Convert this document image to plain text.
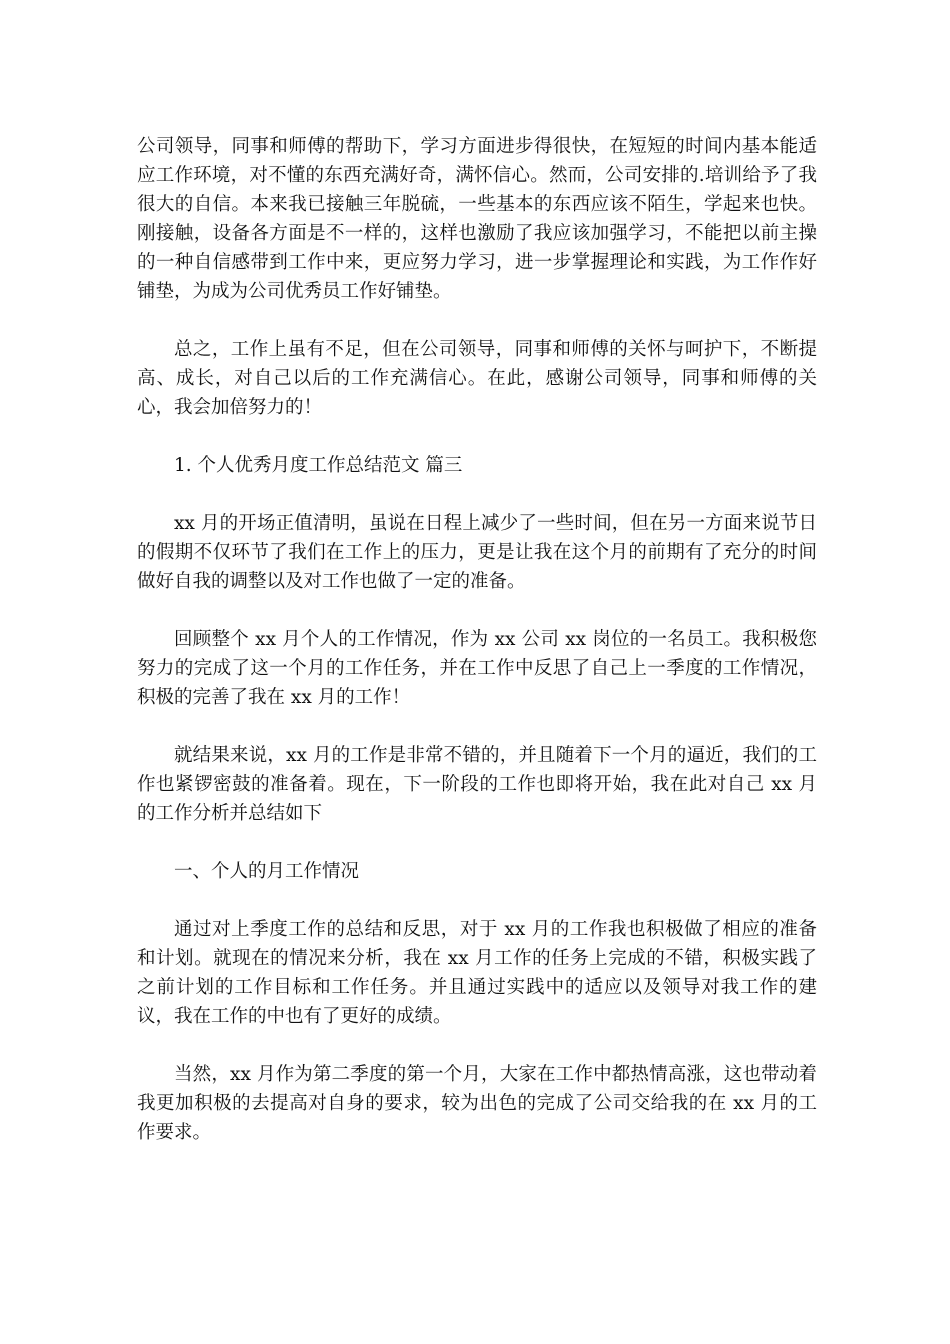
公司领导，同事和师傅的帮助下，学习方面进步得很快，在短短的时间内基本能适应工作环境，对不懂的东西充满好奇，满怀信心。然而，公司安排的.培训给予了我很大的自信。本来我已接触三年脱硫，一些基本的东西应该不陌生，学起来也快。刚接触，设备各方面是不一样的，这样也激励了我应该加强学习，不能把以前主操的一种自信感带到工作中来，更应努力学习，进一步掌握理论和实践，为工作作好铺垫，为成为公司优秀员工作好铺垫。

总之，工作上虽有不足，但在公司领导，同事和师傅的关怀与呵护下，不断提高、成长，对自己以后的工作充满信心。在此，感谢公司领导，同事和师傅的关心，我会加倍努力的！

1. 个人优秀月度工作总结范文 篇三

xx 月的开场正值清明，虽说在日程上减少了一些时间，但在另一方面来说节日的假期不仅环节了我们在工作上的压力，更是让我在这个月的前期有了充分的时间做好自我的调整以及对工作也做了一定的准备。

回顾整个 xx 月个人的工作情况，作为 xx 公司 xx 岗位的一名员工。我积极您努力的完成了这一个月的工作任务，并在工作中反思了自己上一季度的工作情况，积极的完善了我在 xx 月的工作！

就结果来说，xx 月的工作是非常不错的，并且随着下一个月的逼近，我们的工作也紧锣密鼓的准备着。现在，下一阶段的工作也即将开始，我在此对自己 xx 月的工作分析并总结如下

一、个人的月工作情况

通过对上季度工作的总结和反思，对于 xx 月的工作我也积极做了相应的准备和计划。就现在的情况来分析，我在 xx 月工作的任务上完成的不错，积极实践了之前计划的工作目标和工作任务。并且通过实践中的适应以及领导对我工作的建议，我在工作的中也有了更好的成绩。

当然，xx 月作为第二季度的第一个月，大家在工作中都热情高涨，这也带动着我更加积极的去提高对自身的要求，较为出色的完成了公司交给我的在 xx 月的工作要求。
